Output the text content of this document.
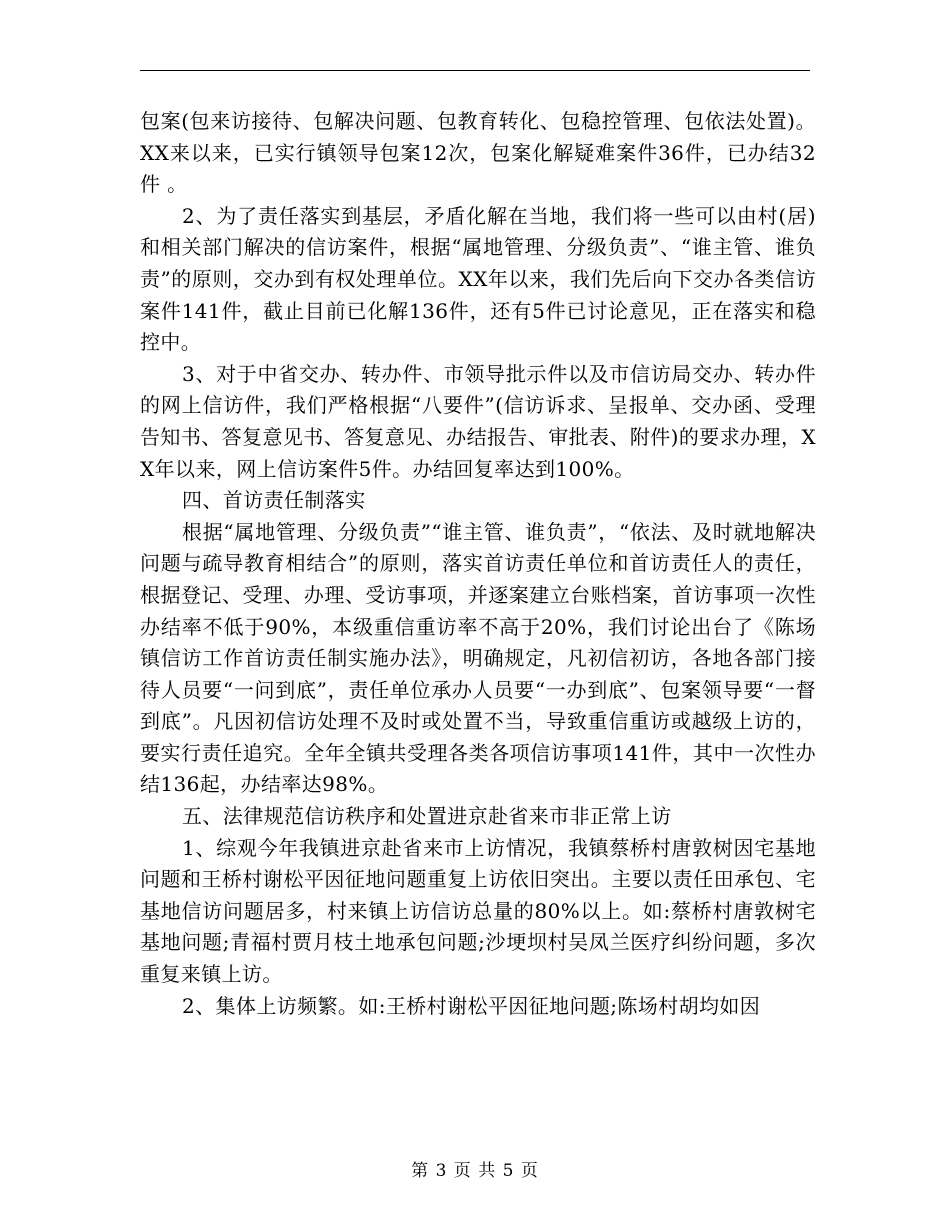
包案(包来访接待、包解决问题、包教育转化、包稳控管理、包依法处置)。XX来以来，已实行镇领导包案12次，包案化解疑难案件36件，已办结32件 。

2、为了责任落实到基层，矛盾化解在当地，我们将一些可以由村(居)和相关部门解决的信访案件，根据“属地管理、分级负责”、“谁主管、谁负责”的原则，交办到有权处理单位。XX年以来，我们先后向下交办各类信访案件141件，截止目前已化解136件，还有5件已讨论意见，正在落实和稳控中。

3、对于中省交办、转办件、市领导批示件以及市信访局交办、转办件的网上信访件，我们严格根据“八要件”(信访诉求、呈报单、交办函、受理告知书、答复意见书、答复意见、办结报告、审批表、附件)的要求办理，XX年以来，网上信访案件5件。办结回复率达到100%。

四、首访责任制落实

根据“属地管理、分级负责”“谁主管、谁负责”，“依法、及时就地解决问题与疏导教育相结合”的原则，落实首访责任单位和首访责任人的责任，根据登记、受理、办理、受访事项，并逐案建立台账档案，首访事项一次性办结率不低于90%，本级重信重访率不高于20%，我们讨论出台了《陈场镇信访工作首访责任制实施办法》，明确规定，凡初信初访，各地各部门接待人员要“一问到底”，责任单位承办人员要“一办到底”、包案领导要“一督到底”。凡因初信访处理不及时或处置不当，导致重信重访或越级上访的，要实行责任追究。全年全镇共受理各类各项信访事项141件，其中一次性办结136起，办结率达98%。

五、法律规范信访秩序和处置进京赴省来市非正常上访

1、综观今年我镇进京赴省来市上访情况，我镇蔡桥村唐敦树因宅基地问题和王桥村谢松平因征地问题重复上访依旧突出。主要以责任田承包、宅基地信访问题居多，村来镇上访信访总量的80%以上。如:蔡桥村唐敦树宅基地问题;青福村贾月枝土地承包问题;沙埂坝村吴凤兰医疗纠纷问题，多次重复来镇上访。

2、集体上访频繁。如:王桥村谢松平因征地问题;陈场村胡均如因

第 3 页 共 5 页
